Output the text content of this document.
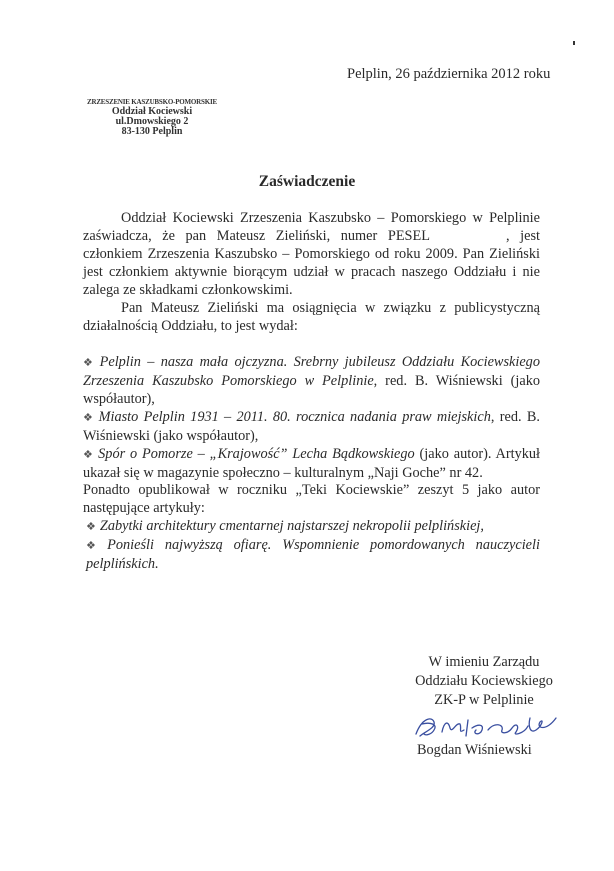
Pelplin, 26 października 2012 roku
ZRZESZENIE KASZUBSKO-POMORSKIE
Oddział Kociewski
ul.Dmowskiego 2
83-130 Pelplin
Zaświadczenie
Oddział Kociewski Zrzeszenia Kaszubsko – Pomorskiego w Pelplinie zaświadcza, że pan Mateusz Zieliński, numer PESEL	, jest członkiem Zrzeszenia Kaszubsko – Pomorskiego od roku 2009. Pan Zieliński jest członkiem aktywnie biorącym udział w pracach naszego Oddziału i nie zalega ze składkami członkowskimi.
Pan Mateusz Zieliński ma osiągnięcia w związku z publicystyczną działalnością Oddziału, to jest wydał:
❖ Pelplin – nasza mała ojczyzna. Srebrny jubileusz Oddziału Kociewskiego Zrzeszenia Kaszubsko Pomorskiego w Pelplinie, red. B. Wiśniewski (jako współautor),
❖ Miasto Pelplin 1931 – 2011. 80. rocznica nadania praw miejskich, red. B. Wiśniewski (jako współautor),
❖ Spór o Pomorze – „Krajowość” Lecha Bądkowskiego (jako autor). Artykuł ukazał się w magazynie społeczno – kulturalnym „Naji Goche” nr 42.
Ponadto opublikował w roczniku „Teki Kociewskie” zeszyt 5 jako autor następujące artykuły:
❖ Zabytki architektury cmentarnej najstarszej nekropolii pelplińskiej,
❖ Ponieśli najwyższą ofiarę. Wspomnienie pomordowanych nauczycieli pelplińskich.
W imieniu Zarządu
Oddziału Kociewskiego
ZK-P w Pelplinie
Bogdan Wiśniewski
